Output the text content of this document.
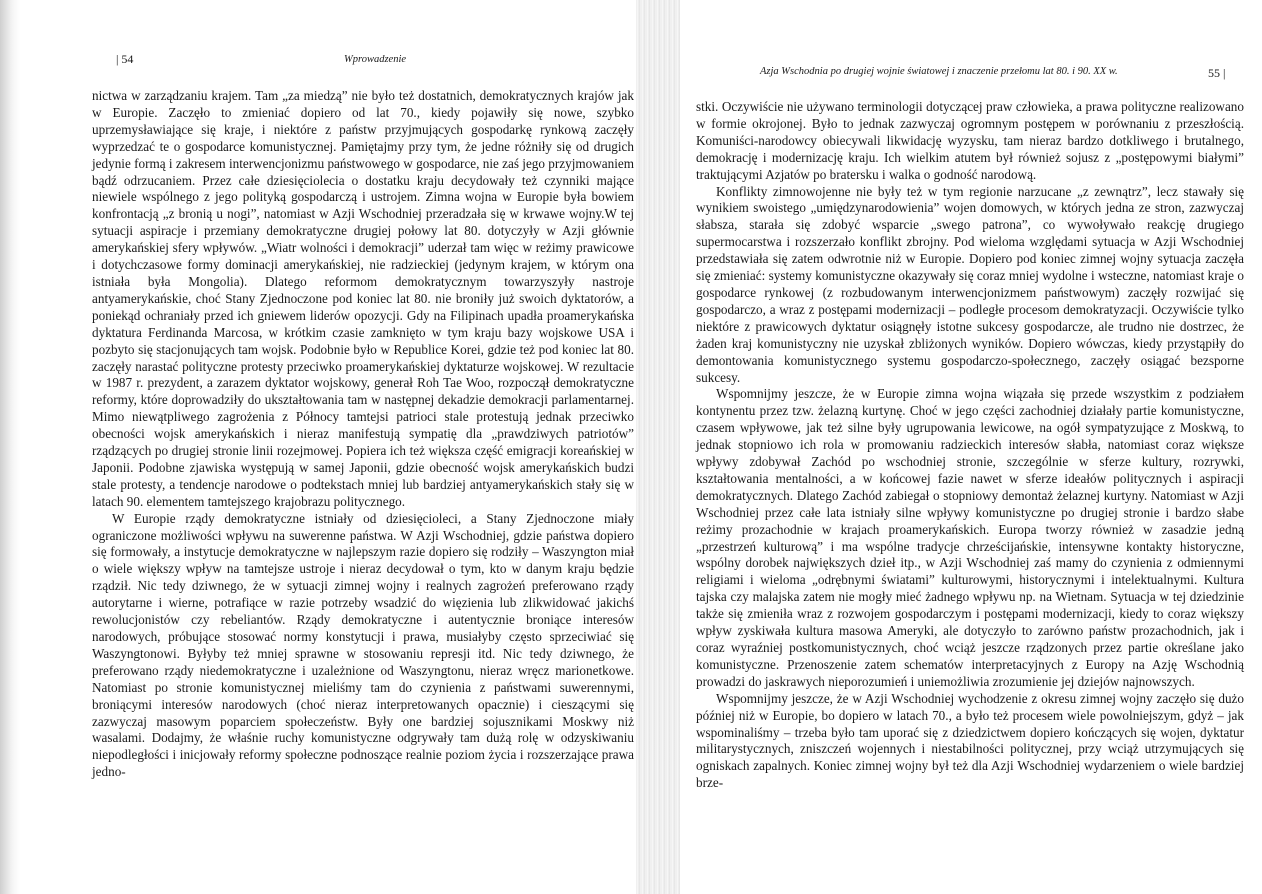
| 54	Wprowadzenie

nictwa w zarządzaniu krajem. Tam „za miedzą” nie było też dostatnich, demokratycznych krajów jak w Europie. Zaczęło to zmieniać dopiero od lat 70., kiedy pojawiły się nowe, szybko uprzemysławiające się kraje, i niektóre z państw przyjmujących gospodarkę rynkową zaczęły wyprzedzać te o gospodarce komunistycznej. Pamiętajmy przy tym, że jedne różniły się od drugich jedynie formą i zakresem interwencjonizmu państwowego w gospodarce, nie zaś jego przyjmowaniem bądź odrzucaniem. Przez całe dziesięciolecia o dostatku kraju decydowały też czynniki mające niewiele wspólnego z jego polityką gospodarczą i ustrojem. Zimna wojna w Europie była bowiem konfrontacją „z bronią u nogi”, natomiast w Azji Wschodniej przeradzała się w krwawe wojny.W tej sytuacji aspiracje i przemiany demokratyczne drugiej połowy lat 80. dotyczyły w Azji głównie amerykańskiej sfery wpływów. „Wiatr wolności i demokracji” uderzał tam więc w reżimy prawicowe i dotychczasowe formy dominacji amerykańskiej, nie radzieckiej (jedynym krajem, w którym ona istniała była Mongolia). Dlatego reformom demokratycznym towarzyszyły nastroje antyamerykańskie, choć Stany Zjednoczone pod koniec lat 80. nie broniły już swoich dyktatorów, a poniekąd ochraniały przed ich gniewem liderów opozycji. Gdy na Filipinach upadła proamerykańska dyktatura Ferdinanda Marcosa, w krótkim czasie zamknięto w tym kraju bazy wojskowe USA i pozbyto się stacjonujących tam wojsk. Podobnie było w Republice Korei, gdzie też pod koniec lat 80. zaczęły narastać polityczne protesty przeciwko proamerykańskiej dyktaturze wojskowej. W rezultacie w 1987 r. prezydent, a zarazem dyktator wojskowy, generał Roh Tae Woo, rozpoczął demokratyczne reformy, które doprowadziły do ukształtowania tam w następnej dekadzie demokracji parlamentarnej. Mimo niewątpliwego zagrożenia z Północy tamtejsi patrioci stale protestują jednak przeciwko obecności wojsk amerykańskich i nieraz manifestują sympatię dla „prawdziwych patriotów” rządzących po drugiej stronie linii rozejmowej. Popiera ich też większa część emigracji koreańskiej w Japonii. Podobne zjawiska występują w samej Japonii, gdzie obecność wojsk amerykańskich budzi stale protesty, a tendencje narodowe o podtekstach mniej lub bardziej antyamerykańskich stały się w latach 90. elementem tamtejszego krajobrazu politycznego.

W Europie rządy demokratyczne istniały od dziesięcioleci, a Stany Zjednoczone miały ograniczone możliwości wpływu na suwerenne państwa. W Azji Wschodniej, gdzie państwa dopiero się formowały, a instytucje demokratyczne w najlepszym razie dopiero się rodziły – Waszyngton miał o wiele większy wpływ na tamtejsze ustroje i nieraz decydował o tym, kto w danym kraju będzie rządził. Nic tedy dziwnego, że w sytuacji zimnej wojny i realnych zagrożeń preferowano rządy autorytarne i wierne, potrafiące w razie potrzeby wsadzić do więzienia lub zlikwidować jakichś rewolucjonistów czy rebeliantów. Rządy demokratyczne i autentycznie broniące interesów narodowych, próbujące stosować normy konstytucji i prawa, musiałyby często sprzeciwiać się Waszyngtonowi. Byłyby też mniej sprawne w stosowaniu represji itd. Nic tedy dziwnego, że preferowano rządy niedemokratyczne i uzależnione od Waszyngtonu, nieraz wręcz marionetkowe. Natomiast po stronie komunistycznej mieliśmy tam do czynienia z państwami suwerennymi, broniącymi interesów narodowych (choć nieraz interpretowanych opacznie) i cieszącymi się zazwyczaj masowym poparciem społeczeństw. Były one bardziej sojusznikami Moskwy niż wasalami. Dodajmy, że właśnie ruchy komunistyczne odgrywały tam dużą rolę w odzyskiwaniu niepodległości i inicjowały reformy społeczne podnoszące realnie poziom życia i rozszerzające prawa jedno-

Azja Wschodnia po drugiej wojnie światowej i znaczenie przełomu lat 80. i 90. XX w.	55 |

stki. Oczywiście nie używano terminologii dotyczącej praw człowieka, a prawa polityczne realizowano w formie okrojonej. Było to jednak zazwyczaj ogromnym postępem w porównaniu z przeszłością. Komuniści-narodowcy obiecywali likwidację wyzysku, tam nieraz bardzo dotkliwego i brutalnego, demokrację i modernizację kraju. Ich wielkim atutem był również sojusz z „postępowymi białymi” traktującymi Azjatów po bratersku i walka o godność narodową.

Konflikty zimnowojenne nie były też w tym regionie narzucane „z zewnątrz”, lecz stawały się wynikiem swoistego „umiędzynarodowienia” wojen domowych, w których jedna ze stron, zazwyczaj słabsza, starała się zdobyć wsparcie „swego patrona”, co wywoływało reakcję drugiego supermocarstwa i rozszerzało konflikt zbrojny. Pod wieloma względami sytuacja w Azji Wschodniej przedstawiała się zatem odwrotnie niż w Europie. Dopiero pod koniec zimnej wojny sytuacja zaczęła się zmieniać: systemy komunistyczne okazywały się coraz mniej wydolne i wsteczne, natomiast kraje o gospodarce rynkowej (z rozbudowanym interwencjonizmem państwowym) zaczęły rozwijać się gospodarczo, a wraz z postępami modernizacji – podległe procesom demokratyzacji. Oczywiście tylko niektóre z prawicowych dyktatur osiągnęły istotne sukcesy gospodarcze, ale trudno nie dostrzec, że żaden kraj komunistyczny nie uzyskał zbliżonych wyników. Dopiero wówczas, kiedy przystąpiły do demontowania komunistycznego systemu gospodarczo-społecznego, zaczęły osiągać bezsporne sukcesy.

Wspomnijmy jeszcze, że w Europie zimna wojna wiązała się przede wszystkim z podziałem kontynentu przez tzw. żelazną kurtynę. Choć w jego części zachodniej działały partie komunistyczne, czasem wpływowe, jak też silne były ugrupowania lewicowe, na ogół sympatyzujące z Moskwą, to jednak stopniowo ich rola w promowaniu radzieckich interesów słabła, natomiast coraz większe wpływy zdobywał Zachód po wschodniej stronie, szczególnie w sferze kultury, rozrywki, kształtowania mentalności, a w końcowej fazie nawet w sferze ideałów politycznych i aspiracji demokratycznych. Dlatego Zachód zabiegał o stopniowy demontaż żelaznej kurtyny. Natomiast w Azji Wschodniej przez całe lata istniały silne wpływy komunistyczne po drugiej stronie i bardzo słabe reżimy prozachodnie w krajach proamerykańskich. Europa tworzy również w zasadzie jedną „przestrzeń kulturową” i ma wspólne tradycje chrześcijańskie, intensywne kontakty historyczne, wspólny dorobek największych dzieł itp., w Azji Wschodniej zaś mamy do czynienia z odmiennymi religiami i wieloma „odrębnymi światami” kulturowymi, historycznymi i intelektualnymi. Kultura tajska czy malajska zatem nie mogły mieć żadnego wpływu np. na Wietnam. Sytuacja w tej dziedzinie także się zmieniła wraz z rozwojem gospodarczym i postępami modernizacji, kiedy to coraz większy wpływ zyskiwała kultura masowa Ameryki, ale dotyczyło to zarówno państw prozachodnich, jak i coraz wyraźniej postkomunistycznych, choć wciąż jeszcze rządzonych przez partie określane jako komunistyczne. Przenoszenie zatem schematów interpretacyjnych z Europy na Azję Wschodnią prowadzi do jaskrawych nieporozumień i uniemożliwia zrozumienie jej dziejów najnowszych.

Wspomnijmy jeszcze, że w Azji Wschodniej wychodzenie z okresu zimnej wojny zaczęło się dużo później niż w Europie, bo dopiero w latach 70., a było też procesem wiele powolniejszym, gdyż – jak wspominaliśmy – trzeba było tam uporać się z dziedzictwem dopiero kończących się wojen, dyktatur militarystycznych, zniszczeń wojennych i niestabilności politycznej, przy wciąż utrzymujących się ogniskach zapalnych. Koniec zimnej wojny był też dla Azji Wschodniej wydarzeniem o wiele bardziej brze-
